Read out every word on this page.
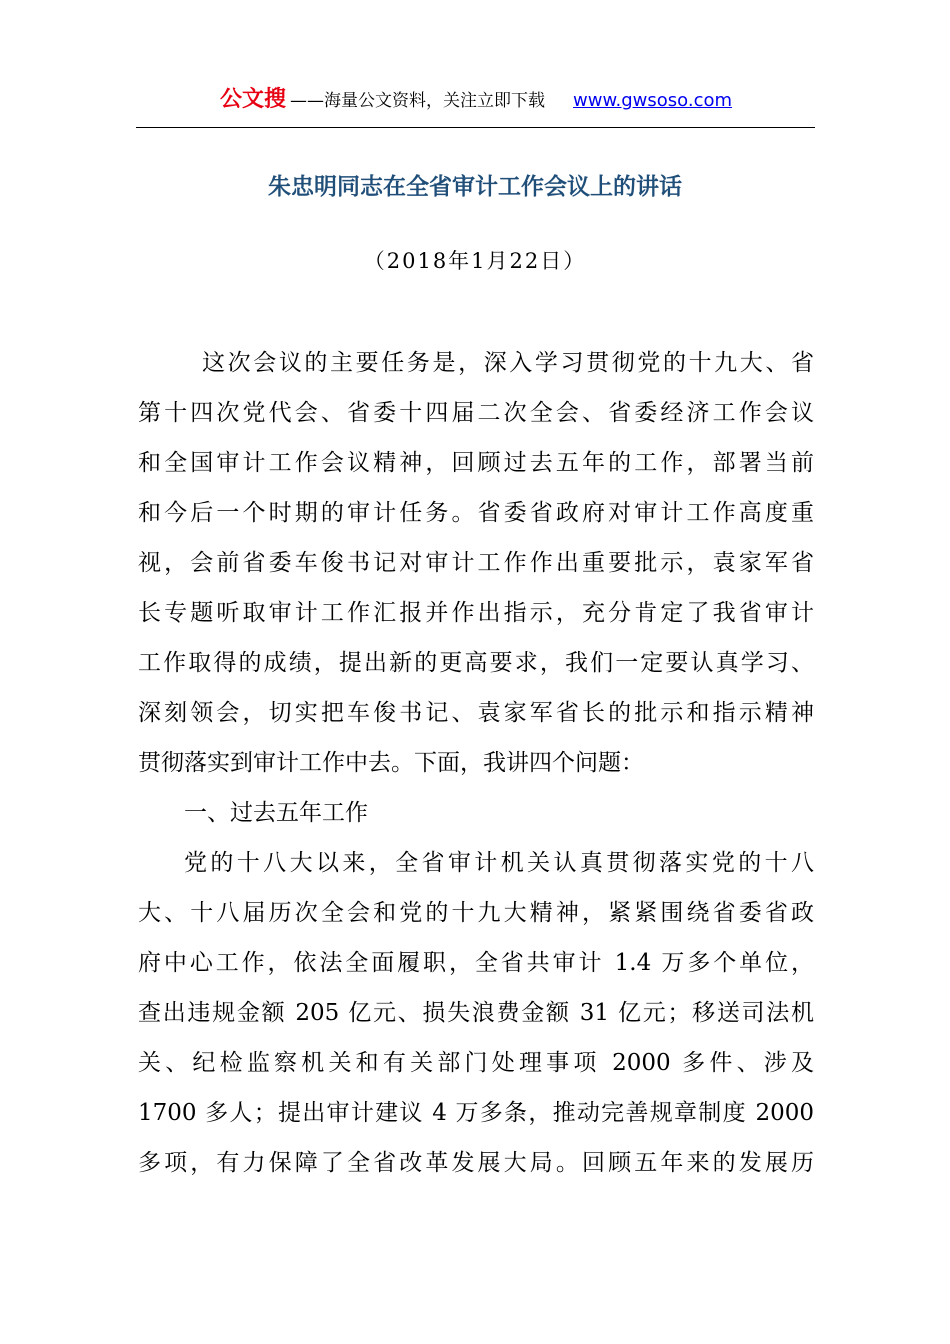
公文搜 ——海量公文资料，关注立即下载 www.gwsoso.com
朱忠明同志在全省审计工作会议上的讲话
（2018年1月22日）
这次会议的主要任务是，深入学习贯彻党的十九大、省
第十四次党代会、省委十四届二次全会、省委经济工作会议
和全国审计工作会议精神，回顾过去五年的工作，部署当前
和今后一个时期的审计任务。省委省政府对审计工作高度重
视，会前省委车俊书记对审计工作作出重要批示，袁家军省
长专题听取审计工作汇报并作出指示，充分肯定了我省审计
工作取得的成绩，提出新的更高要求，我们一定要认真学习、
深刻领会，切实把车俊书记、袁家军省长的批示和指示精神
贯彻落实到审计工作中去。下面，我讲四个问题：
一、过去五年工作
党的十八大以来，全省审计机关认真贯彻落实党的十八
大、十八届历次全会和党的十九大精神，紧紧围绕省委省政
府中心工作，依法全面履职，全省共审计 1.4 万多个单位，
查出违规金额 205 亿元、损失浪费金额 31 亿元；移送司法机
关、纪检监察机关和有关部门处理事项 2000 多件、涉及
1700 多人；提出审计建议 4 万多条，推动完善规章制度 2000
多项，有力保障了全省改革发展大局。回顾五年来的发展历
